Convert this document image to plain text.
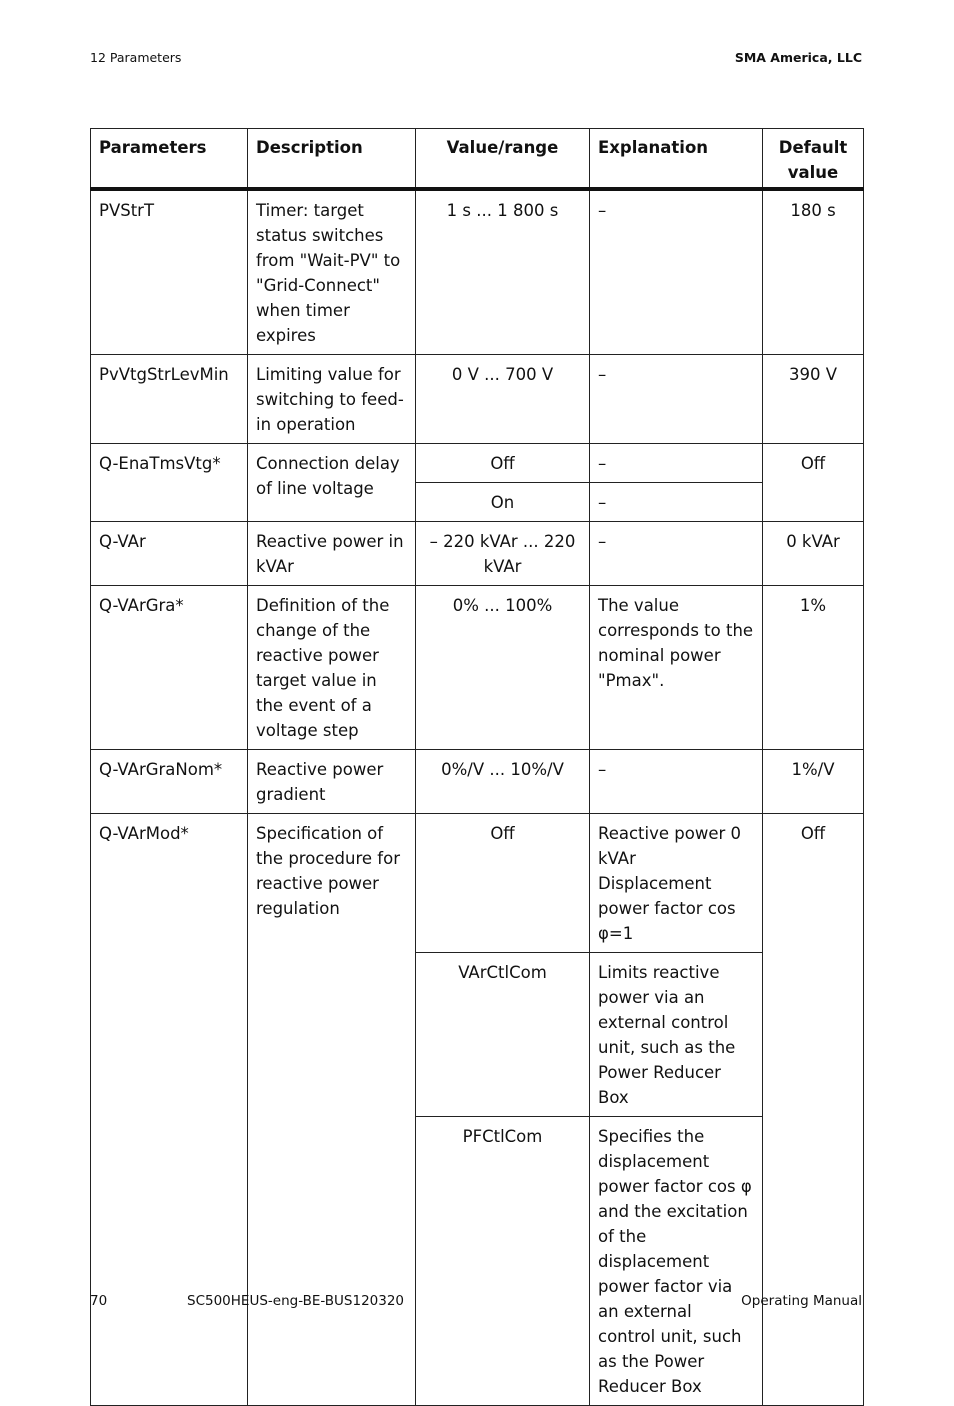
12 Parameters	SMA America, LLC
Parameters	Description	Value/range	Explanation	Default value
PVStrT	Timer: target status switches from "Wait-PV" to "Grid-Connect" when timer expires	1 s ... 1 800 s	–	180 s
PvVtgStrLevMin	Limiting value for switching to feed-in operation	0 V ... 700 V	–	390 V
Q-EnaTmsVtg*	Connection delay of line voltage	Off	–	Off
		On	–	
Q-VAr	Reactive power in kVAr	– 220 kVAr ... 220 kVAr	–	0 kVAr
Q-VArGra*	Definition of the change of the reactive power target value in the event of a voltage step	0% ... 100%	The value corresponds to the nominal power "Pmax".	1%
Q-VArGraNom*	Reactive power gradient	0%/V ... 10%/V	–	1%/V
Q-VArMod*	Specification of the procedure for reactive power regulation	Off	Reactive power 0 kVAr Displacement power factor cos φ=1	Off
		VArCtlCom	Limits reactive power via an external control unit, such as the Power Reducer Box	
		PFCtlCom	Specifies the displacement power factor cos φ and the excitation of the displacement power factor via an external control unit, such as the Power Reducer Box	
70	SC500HEUS-eng-BE-BUS120320	Operating Manual
